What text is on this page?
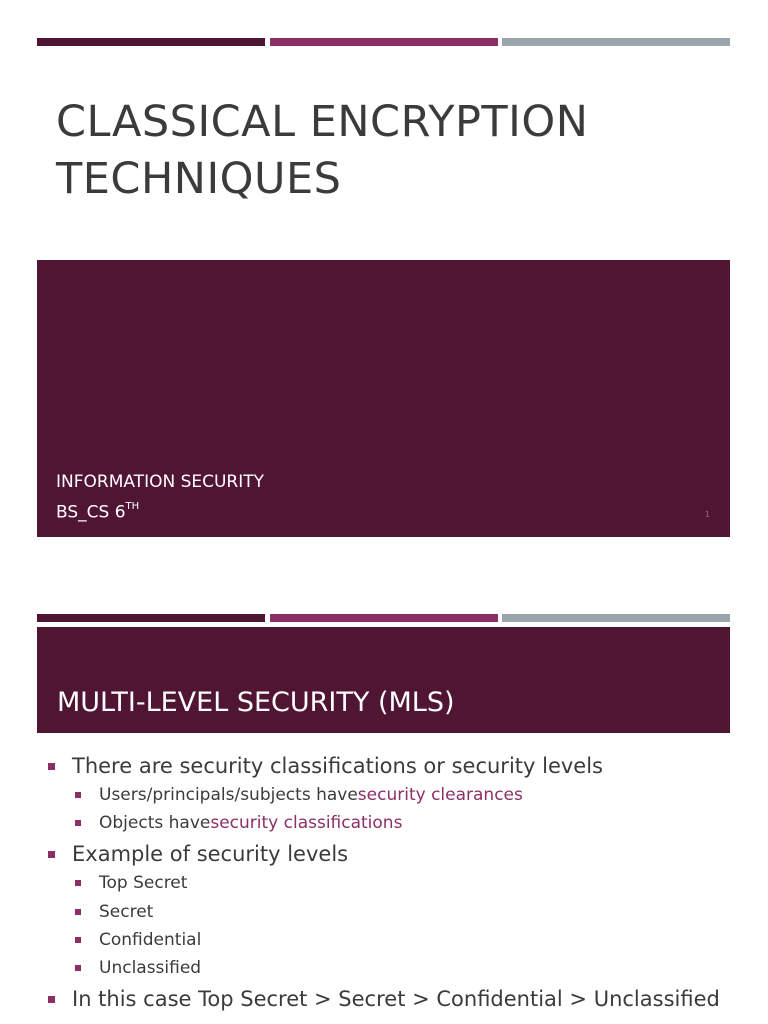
CLASSICAL ENCRYPTION
TECHNIQUES
INFORMATION SECURITY
BS_CS 6TH
1
MULTI-LEVEL SECURITY (MLS)
There are security classifications or security levels
Users/principals/subjects have security clearances
Objects have security classifications
Example of security levels
Top Secret
Secret
Confidential
Unclassified
In this case Top Secret > Secret > Confidential > Unclassified
